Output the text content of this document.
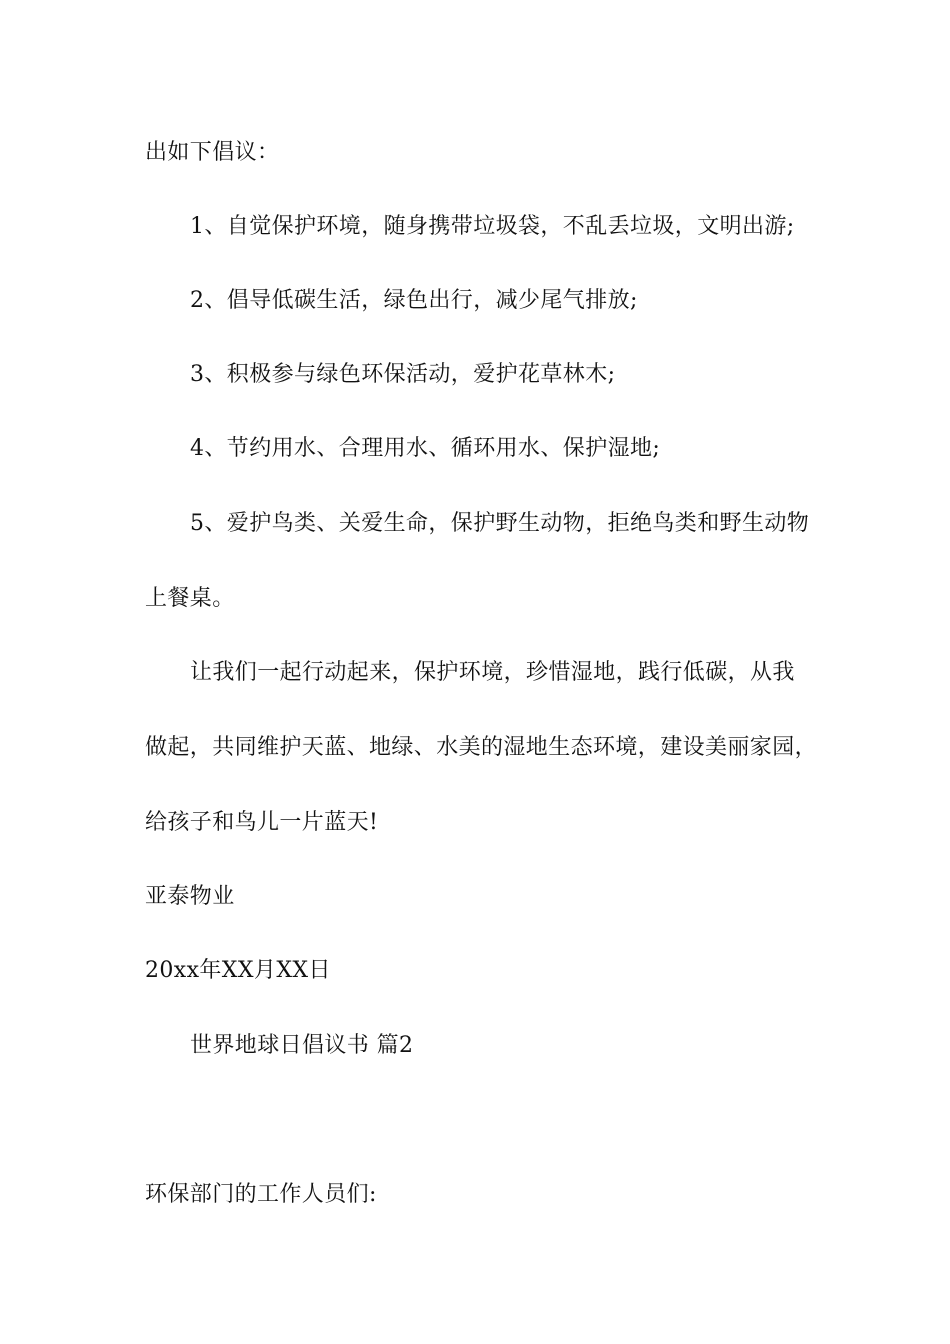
出如下倡议：
1、自觉保护环境，随身携带垃圾袋，不乱丢垃圾，文明出游;
2、倡导低碳生活，绿色出行，减少尾气排放;
3、积极参与绿色环保活动，爱护花草林木;
4、节约用水、合理用水、循环用水、保护湿地;
5、爱护鸟类、关爱生命，保护野生动物，拒绝鸟类和野生动物
上餐桌。
让我们一起行动起来，保护环境，珍惜湿地，践行低碳，从我
做起，共同维护天蓝、地绿、水美的湿地生态环境，建设美丽家园，
给孩子和鸟儿一片蓝天!
亚泰物业
20xx年XX月XX日
世界地球日倡议书 篇2
环保部门的工作人员们:
